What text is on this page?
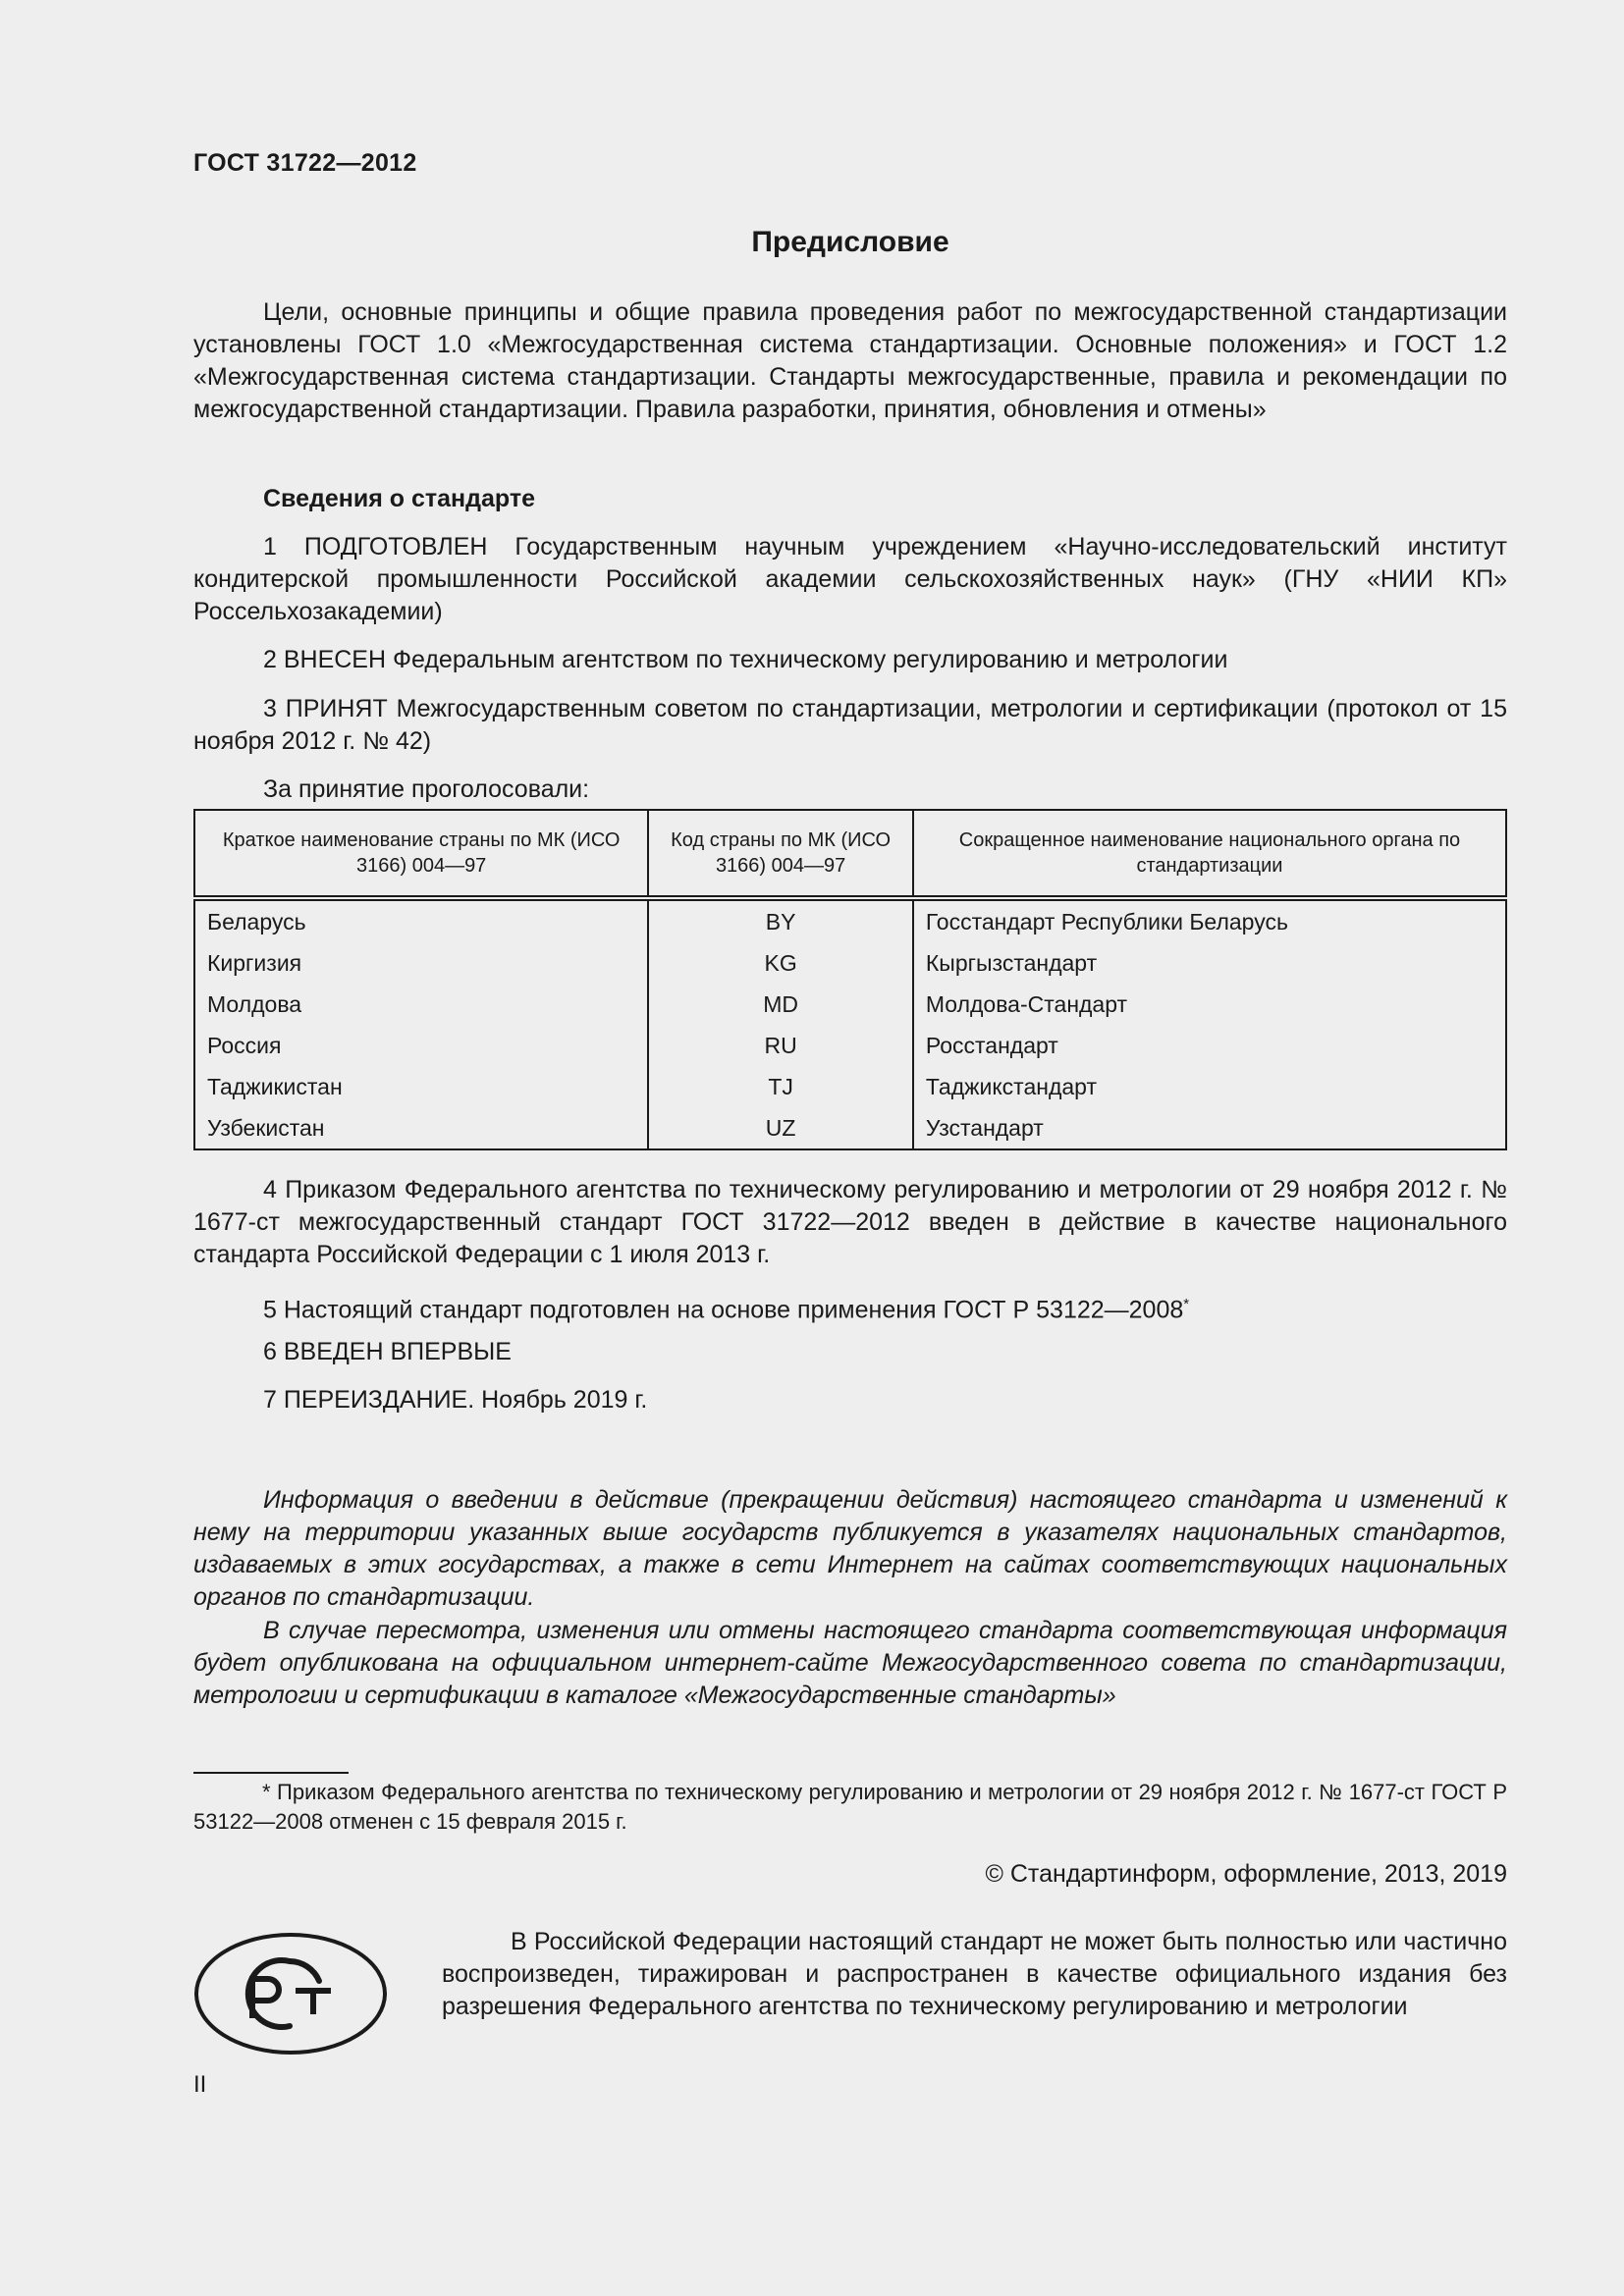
ГОСТ 31722—2012
Предисловие

Цели, основные принципы и общие правила проведения работ по межгосударственной стандартизации установлены ГОСТ 1.0 «Межгосударственная система стандартизации. Основные положения» и ГОСТ 1.2 «Межгосударственная система стандартизации. Стандарты межгосударственные, правила и рекомендации по межгосударственной стандартизации. Правила разработки, принятия, обновления и отмены»

Сведения о стандарте

1 ПОДГОТОВЛЕН Государственным научным учреждением «Научно-исследовательский институт кондитерской промышленности Российской академии сельскохозяйственных наук» (ГНУ «НИИ КП» Россельхозакадемии)

2 ВНЕСЕН Федеральным агентством по техническому регулированию и метрологии

3 ПРИНЯТ Межгосударственным советом по стандартизации, метрологии и сертификации (протокол от 15 ноября 2012 г. № 42)

За принятие проголосовали:

Краткое наименование страны по МК (ИСО 3166) 004—97	Код страны по МК (ИСО 3166) 004—97	Сокращенное наименование национального органа по стандартизации
Беларусь	BY	Госстандарт Республики Беларусь
Киргизия	KG	Кыргызстандарт
Молдова	MD	Молдова-Стандарт
Россия	RU	Росстандарт
Таджикистан	TJ	Таджикстандарт
Узбекистан	UZ	Узстандарт

4 Приказом Федерального агентства по техническому регулированию и метрологии от 29 ноября 2012 г. № 1677-ст межгосударственный стандарт ГОСТ 31722—2012 введен в действие в качестве национального стандарта Российской Федерации с 1 июля 2013 г.

5 Настоящий стандарт подготовлен на основе применения ГОСТ Р 53122—2008*

6 ВВЕДЕН ВПЕРВЫЕ

7 ПЕРЕИЗДАНИЕ. Ноябрь 2019 г.

Информация о введении в действие (прекращении действия) настоящего стандарта и изменений к нему на территории указанных выше государств публикуется в указателях национальных стандартов, издаваемых в этих государствах, а также в сети Интернет на сайтах соответствующих национальных органов по стандартизации.

В случае пересмотра, изменения или отмены настоящего стандарта соответствующая информация будет опубликована на официальном интернет-сайте Межгосударственного совета по стандартизации, метрологии и сертификации в каталоге «Межгосударственные стандарты»

* Приказом Федерального агентства по техническому регулированию и метрологии от 29 ноября 2012 г. № 1677-ст ГОСТ Р 53122—2008 отменен с 15 февраля 2015 г.

© Стандартинформ, оформление, 2013, 2019

В Российской Федерации настоящий стандарт не может быть полностью или частично воспроизведен, тиражирован и распространен в качестве официального издания без разрешения Федерального агентства по техническому регулированию и метрологии

II
